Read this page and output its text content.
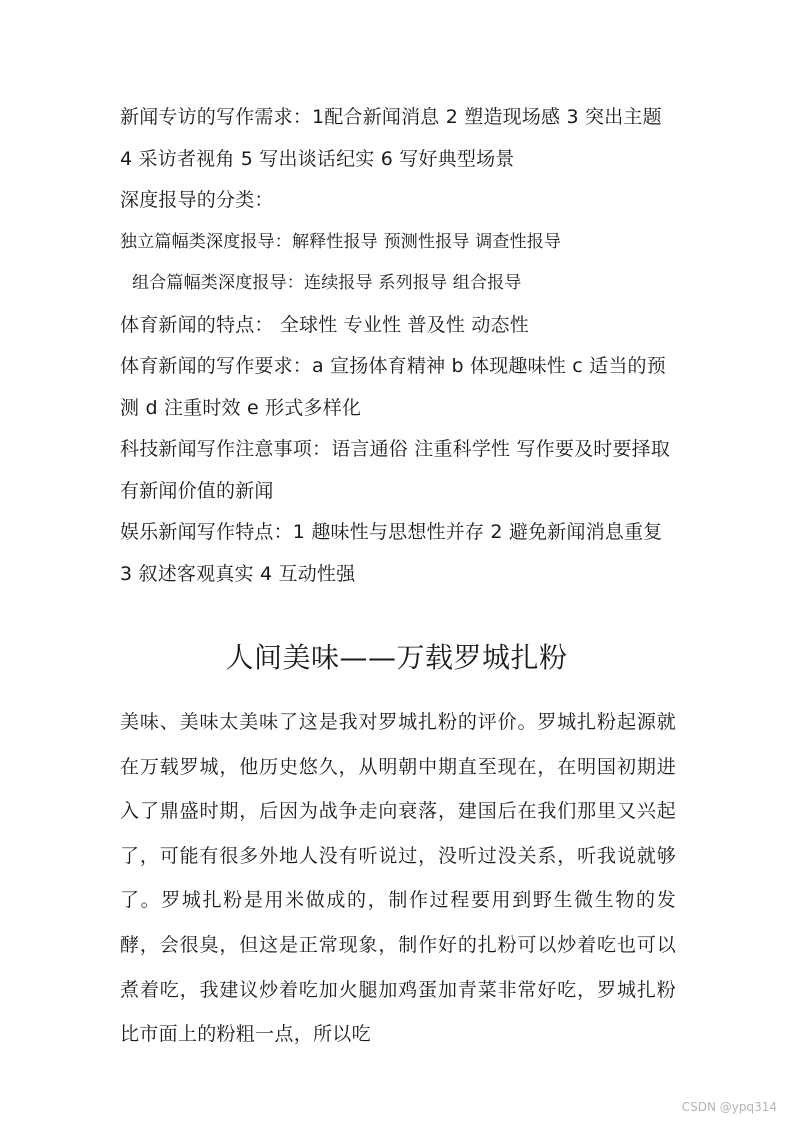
新闻专访的写作需求：1配合新闻消息 2 塑造现场感 3 突出主题 4 采访者视角 5 写出谈话纪实 6 写好典型场景

深度报导的分类：

独立篇幅类深度报导：解释性报导 预测性报导 调查性报导

组合篇幅类深度报导：连续报导 系列报导 组合报导

体育新闻的特点： 全球性 专业性 普及性 动态性

体育新闻的写作要求：a 宣扬体育精神 b 体现趣味性 c 适当的预测 d 注重时效 e 形式多样化

科技新闻写作注意事项：语言通俗 注重科学性 写作要及时要择取有新闻价值的新闻

娱乐新闻写作特点：1 趣味性与思想性并存 2 避免新闻消息重复 3 叙述客观真实 4 互动性强

人间美味——万载罗城扎粉

美味、美味太美味了这是我对罗城扎粉的评价。罗城扎粉起源就在万载罗城，他历史悠久，从明朝中期直至现在，在明国初期进入了鼎盛时期，后因为战争走向衰落，建国后在我们那里又兴起了，可能有很多外地人没有听说过，没听过没关系，听我说就够了。罗城扎粉是用米做成的，制作过程要用到野生微生物的发酵，会很臭，但这是正常现象，制作好的扎粉可以炒着吃也可以煮着吃，我建议炒着吃加火腿加鸡蛋加青菜非常好吃，罗城扎粉比市面上的粉粗一点，所以吃

CSDN @ypq314
